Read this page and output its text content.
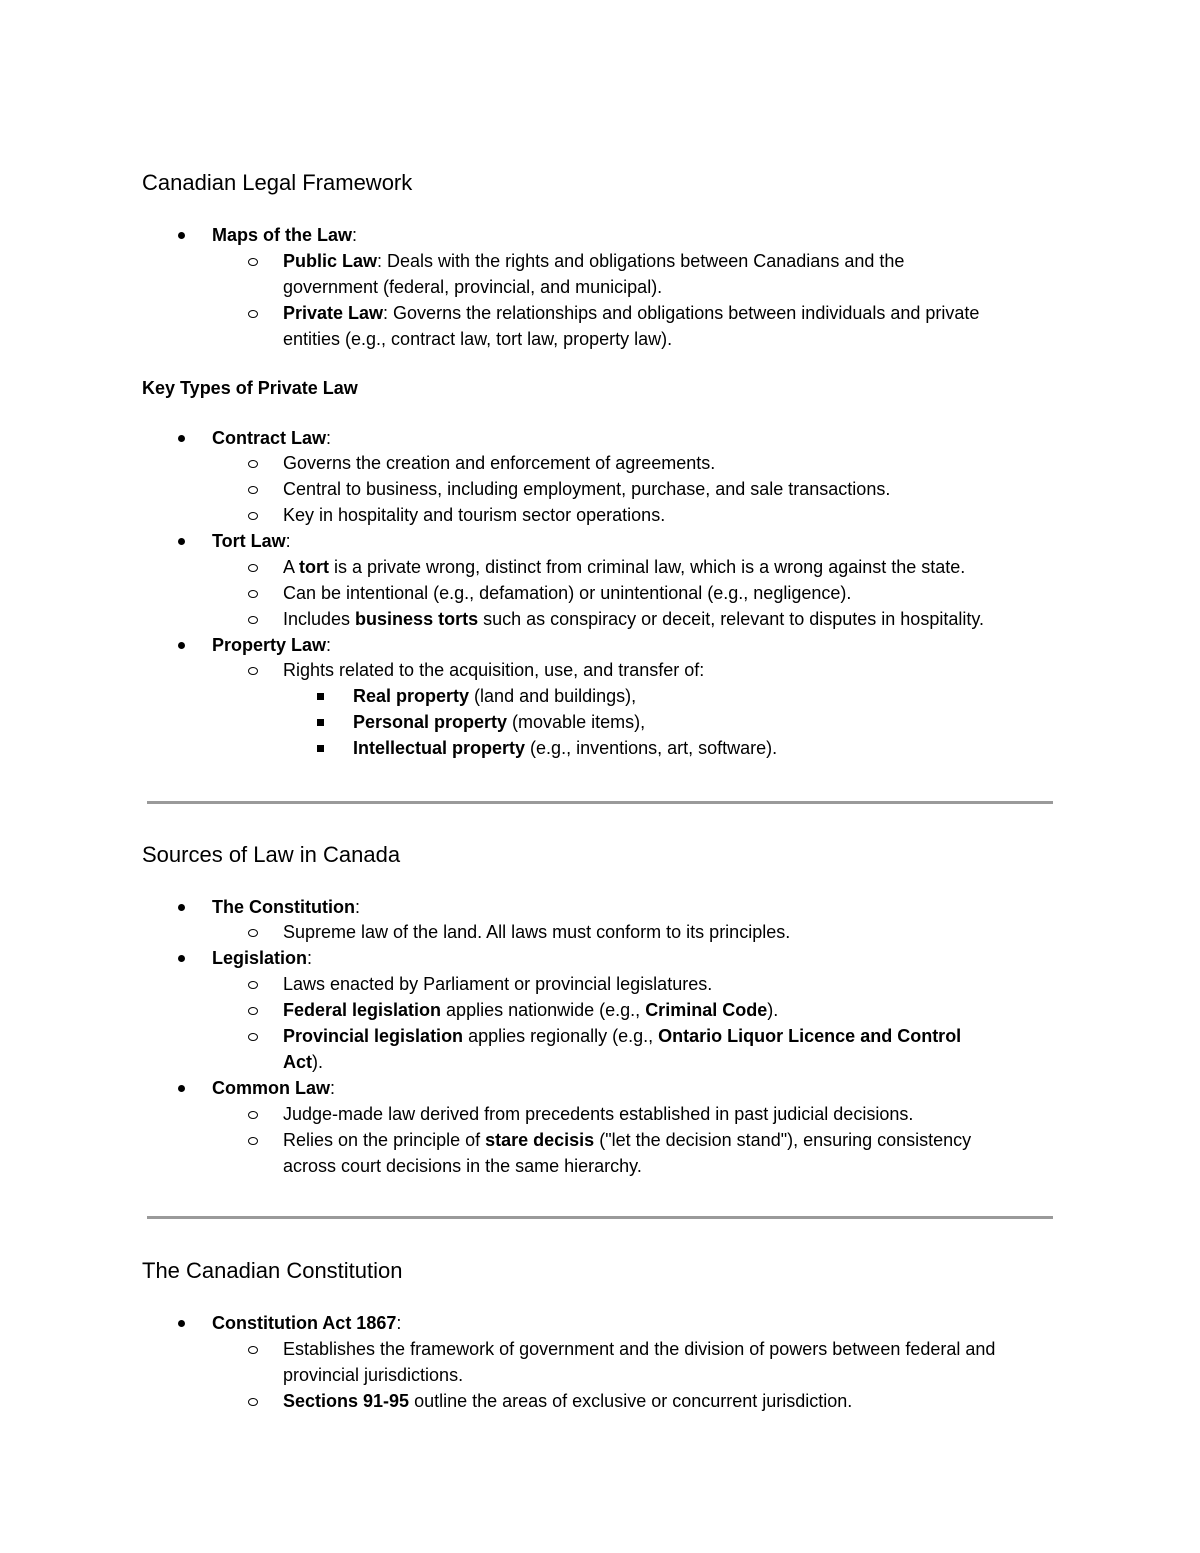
Canadian Legal Framework
Maps of the Law:
Public Law: Deals with the rights and obligations between Canadians and the
government (federal, provincial, and municipal).
Private Law: Governs the relationships and obligations between individuals and private
entities (e.g., contract law, tort law, property law).
Key Types of Private Law
Contract Law:
Governs the creation and enforcement of agreements.
Central to business, including employment, purchase, and sale transactions.
Key in hospitality and tourism sector operations.
Tort Law:
A tort is a private wrong, distinct from criminal law, which is a wrong against the state.
Can be intentional (e.g., defamation) or unintentional (e.g., negligence).
Includes business torts such as conspiracy or deceit, relevant to disputes in hospitality.
Property Law:
Rights related to the acquisition, use, and transfer of:
Real property (land and buildings),
Personal property (movable items),
Intellectual property (e.g., inventions, art, software).
Sources of Law in Canada
The Constitution:
Supreme law of the land. All laws must conform to its principles.
Legislation:
Laws enacted by Parliament or provincial legislatures.
Federal legislation applies nationwide (e.g., Criminal Code).
Provincial legislation applies regionally (e.g., Ontario Liquor Licence and Control
Act).
Common Law:
Judge-made law derived from precedents established in past judicial decisions.
Relies on the principle of stare decisis ("let the decision stand"), ensuring consistency
across court decisions in the same hierarchy.
The Canadian Constitution
Constitution Act 1867:
Establishes the framework of government and the division of powers between federal and
provincial jurisdictions.
Sections 91-95 outline the areas of exclusive or concurrent jurisdiction.
